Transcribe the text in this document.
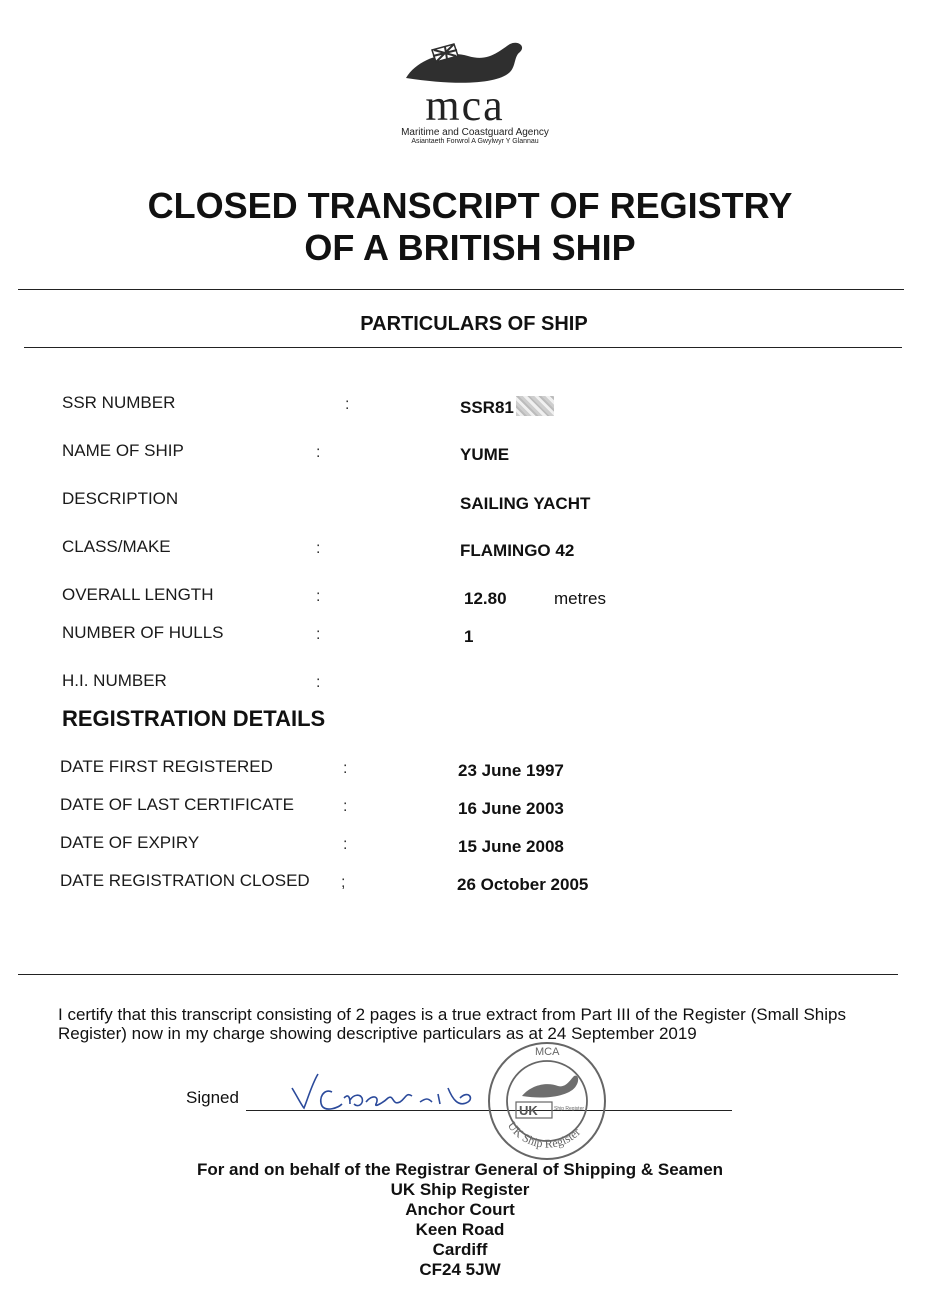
mca
Maritime and Coastguard Agency
Asiantaeth Forwrol A Gwylwyr Y Glannau
CLOSED TRANSCRIPT OF REGISTRY
OF A BRITISH SHIP
PARTICULARS OF SHIP
SSR NUMBER	:	SSR81
NAME OF SHIP	:	YUME
DESCRIPTION	SAILING YACHT
CLASS/MAKE	:	FLAMINGO 42
OVERALL LENGTH	:	12.80	metres
NUMBER OF HULLS	:	1
H.I. NUMBER	:
REGISTRATION DETAILS
DATE FIRST REGISTERED	:	23 June 1997
DATE OF LAST CERTIFICATE	:	16 June 2003
DATE OF EXPIRY	:	15 June 2008
DATE REGISTRATION CLOSED ;	26 October 2005
I certify that this transcript consisting of 2 pages is a true extract from Part III of the Register (Small Ships Register) now in my charge showing descriptive particulars as at 24 September 2019
Signed
UK	Ship Register
MCA
UK Ship Register
For and on behalf of the Registrar General of Shipping & Seamen
UK Ship Register
Anchor Court
Keen Road
Cardiff
CF24 5JW
